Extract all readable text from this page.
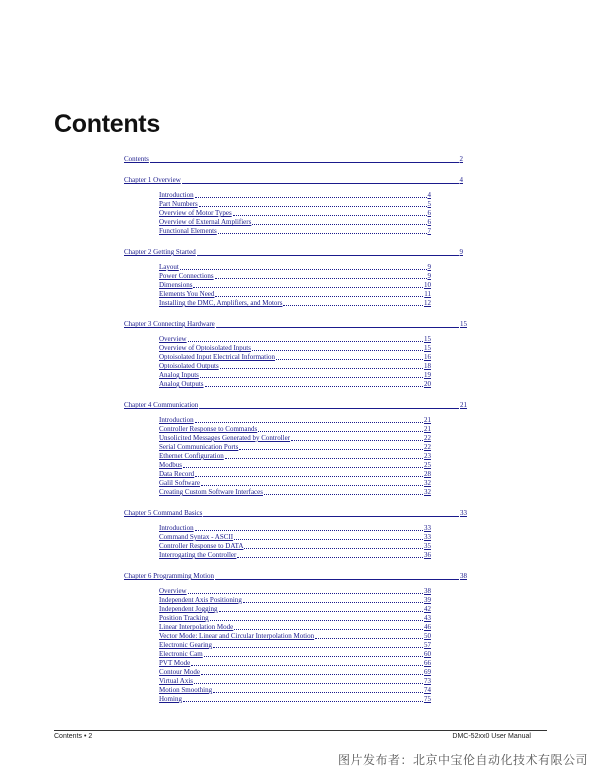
Contents
Contents	2
Chapter 1 Overview	4
Introduction	4
Part Numbers	5
Overview of Motor Types	6
Overview of External Amplifiers	6
Functional Elements	7
Chapter 2 Getting Started	9
Layout	9
Power Connections	9
Dimensions	10
Elements You Need	11
Installing the DMC, Amplifiers, and Motors	12
Chapter 3 Connecting Hardware	15
Overview	15
Overview of Optoisolated Inputs	15
Optoisolated Input Electrical Information	16
Optoisolated Outputs	18
Analog Inputs	19
Analog Outputs	20
Chapter 4 Communication	21
Introduction	21
Controller Response to Commands	21
Unsolicited Messages Generated by Controller	22
Serial Communication Ports	22
Ethernet Configuration	23
Modbus	25
Data Record	28
Galil Software	32
Creating Custom Software Interfaces	32
Chapter 5 Command Basics	33
Introduction	33
Command Syntax - ASCII	33
Controller Response to DATA	35
Interrogating the Controller	36
Chapter 6 Programming Motion	38
Overview	38
Independent Axis Positioning	39
Independent Jogging	42
Position Tracking	43
Linear Interpolation Mode	46
Vector Mode: Linear and Circular Interpolation Motion	50
Electronic Gearing	57
Electronic Cam	60
PVT Mode	66
Contour Mode	69
Virtual Axis	73
Motion Smoothing	74
Homing	75
Contents • 2	DMC-52xx0 User Manual
图片发布者：北京中宝伦自动化技术有限公司
